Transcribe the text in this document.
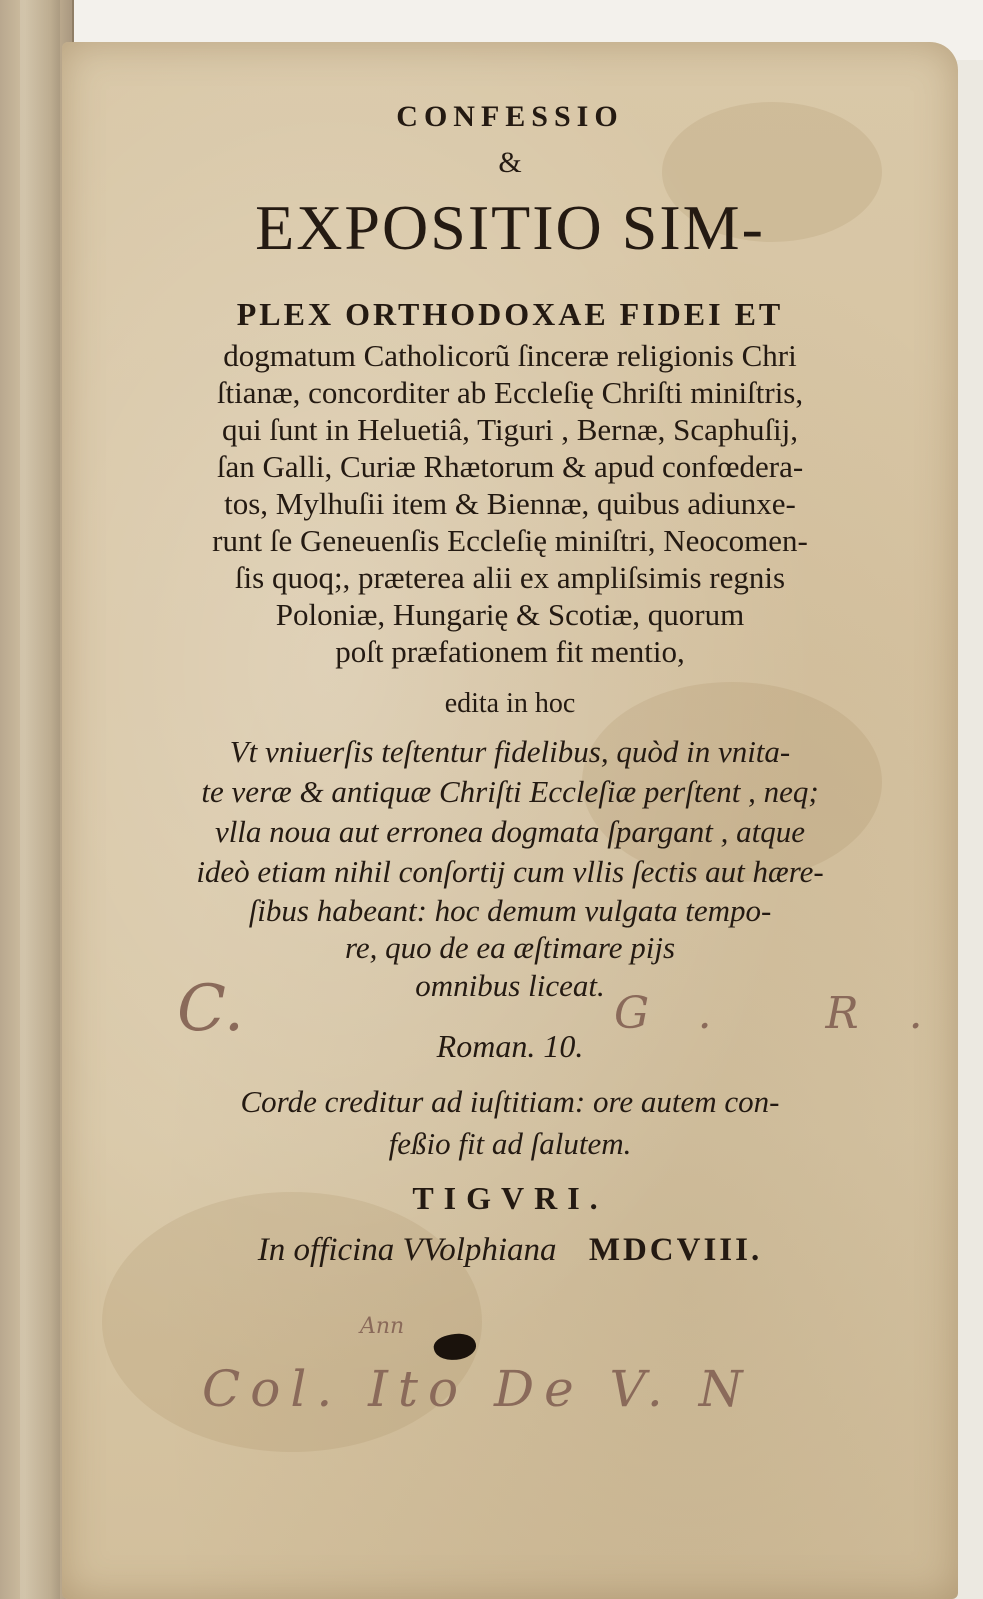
CONFESSIO
&
EXPOSITIO SIM-
PLEX ORTHODOXAE FIDEI ET
dogmatum Catholicorũ ſinceræ religionis Chri
ſtianæ, concorditer ab Eccleſię Chriſti miniſtris,
qui ſunt in Heluetiâ, Tiguri , Bernæ, Scaphuſij,
ſan Galli, Curiæ Rhætorum & apud confœdera-
tos, Mylhuſii item & Biennæ, quibus adiunxe-
runt ſe Geneuenſis Eccleſię miniſtri, Neocomen-
ſis quoq;, præterea alii ex ampliſsimis regnis
Poloniæ, Hungarię & Scotiæ, quorum
poſt præfationem fit mentio,
edita in hoc
Vt vniuerſis teſtentur fidelibus, quòd in vnita-
te veræ & antiquæ Chriſti Eccleſiæ perſtent , neq;
vlla noua aut erronea dogmata ſpargant , atque
ideò etiam nihil conſortij cum vllis ſectis aut hære-
ſibus habeant: hoc demum vulgata tempo-
re, quo de ea æſtimare pijs
omnibus liceat.
Roman. 10.
Corde creditur ad iuſtitiam: ore autem con-
feßio fit ad ſalutem.
TIGVRI.
In officina VVolphiana MDCVIII.
C.	G. R.
Ann
Col. Ito De V. N
